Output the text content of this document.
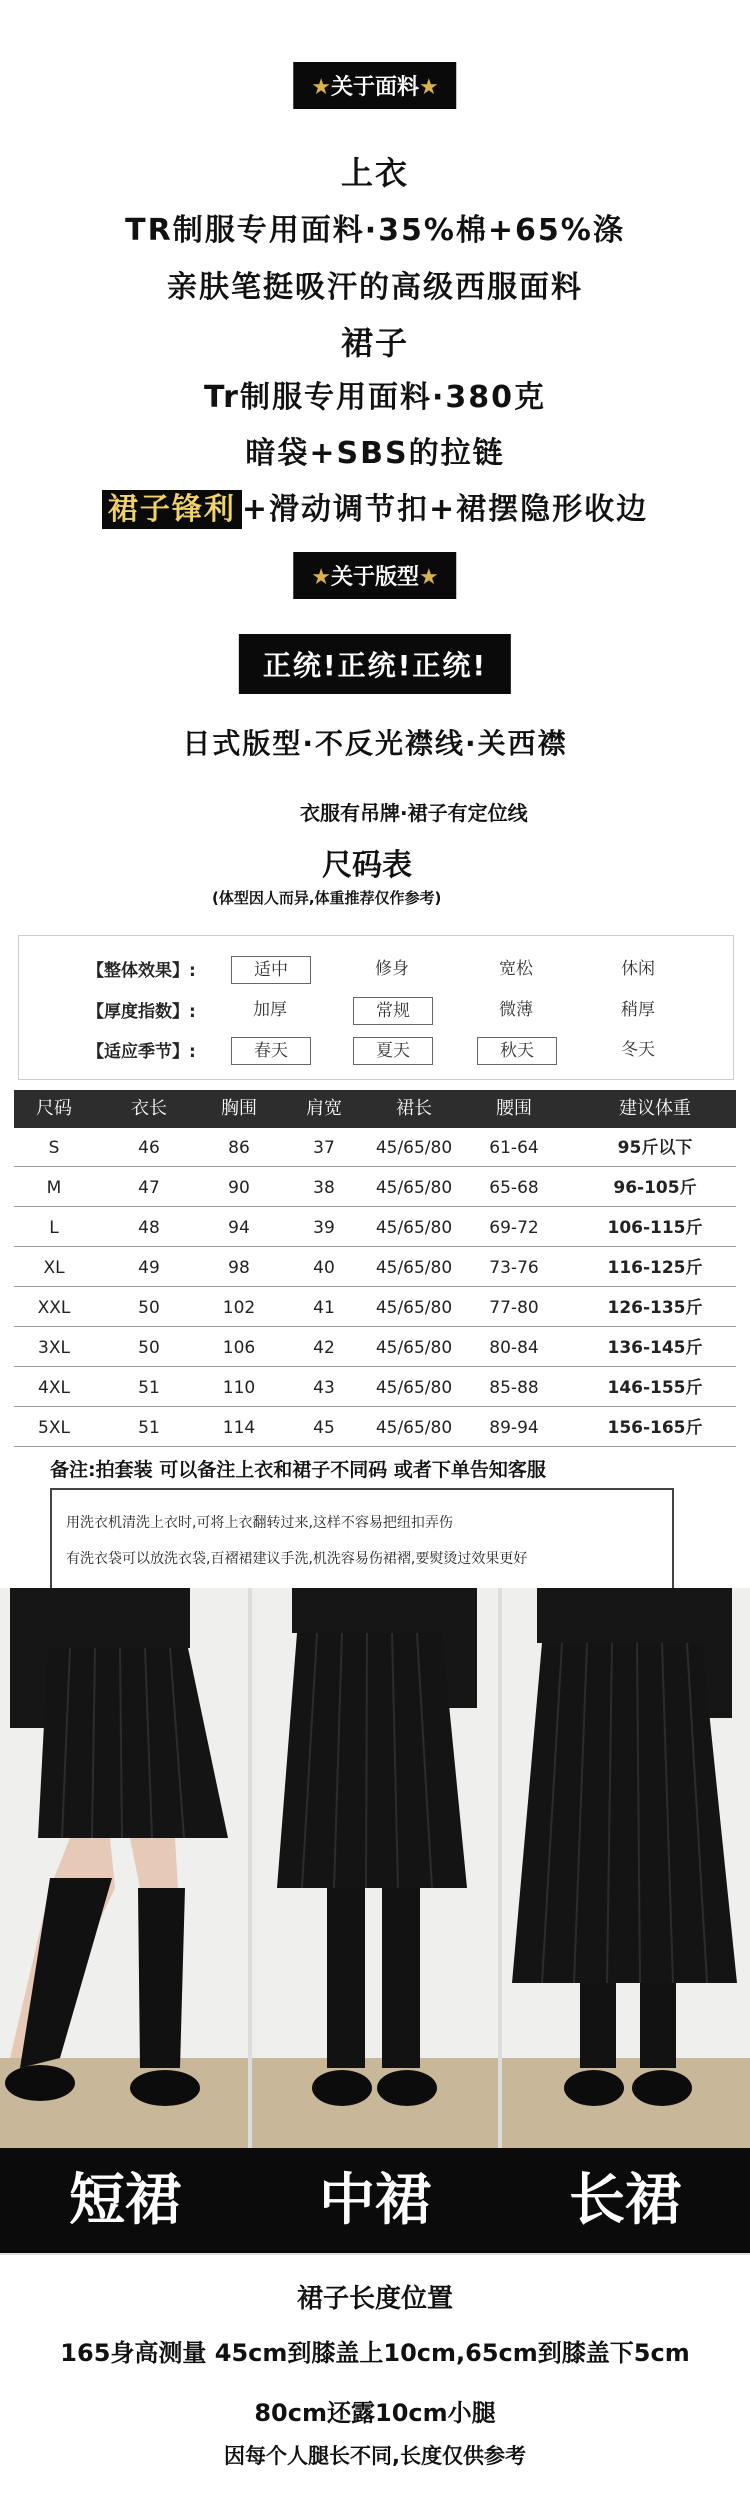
★关于面料★
上衣
TR制服专用面料·35%棉+65%涤
亲肤笔挺吸汗的高级西服面料
裙子
Tr制服专用面料·380克
暗袋+SBS的拉链
裙子锋利 +滑动调节扣+裙摆隐形收边
★关于版型★
正统!正统!正统!
日式版型·不反光襟线·关西襟
衣服有吊牌·裙子有定位线
尺码表
(体型因人而异,体重推荐仅作参考)
【整体效果】:	适中	修身	宽松	休闲
【厚度指数】:	加厚	常规	微薄	稍厚
【适应季节】:	春天	夏天	秋天	冬天
尺码	衣长	胸围	肩宽	裙长	腰围	建议体重
S	46	86	37	45/65/80	61-64	95斤以下
M	47	90	38	45/65/80	65-68	96-105斤
L	48	94	39	45/65/80	69-72	106-115斤
XL	49	98	40	45/65/80	73-76	116-125斤
XXL	50	102	41	45/65/80	77-80	126-135斤
3XL	50	106	42	45/65/80	80-84	136-145斤
4XL	51	110	43	45/65/80	85-88	146-155斤
5XL	51	114	45	45/65/80	89-94	156-165斤
备注:拍套装 可以备注上衣和裙子不同码 或者下单告知客服
用洗衣机清洗上衣时,可将上衣翻转过来,这样不容易把纽扣弄伤
有洗衣袋可以放洗衣袋,百褶裙建议手洗,机洗容易伤裙褶,要熨烫过效果更好
短裙	中裙	长裙
裙子长度位置
165身高测量 45cm到膝盖上10cm,65cm到膝盖下5cm
80cm还露10cm小腿
因每个人腿长不同,长度仅供参考
